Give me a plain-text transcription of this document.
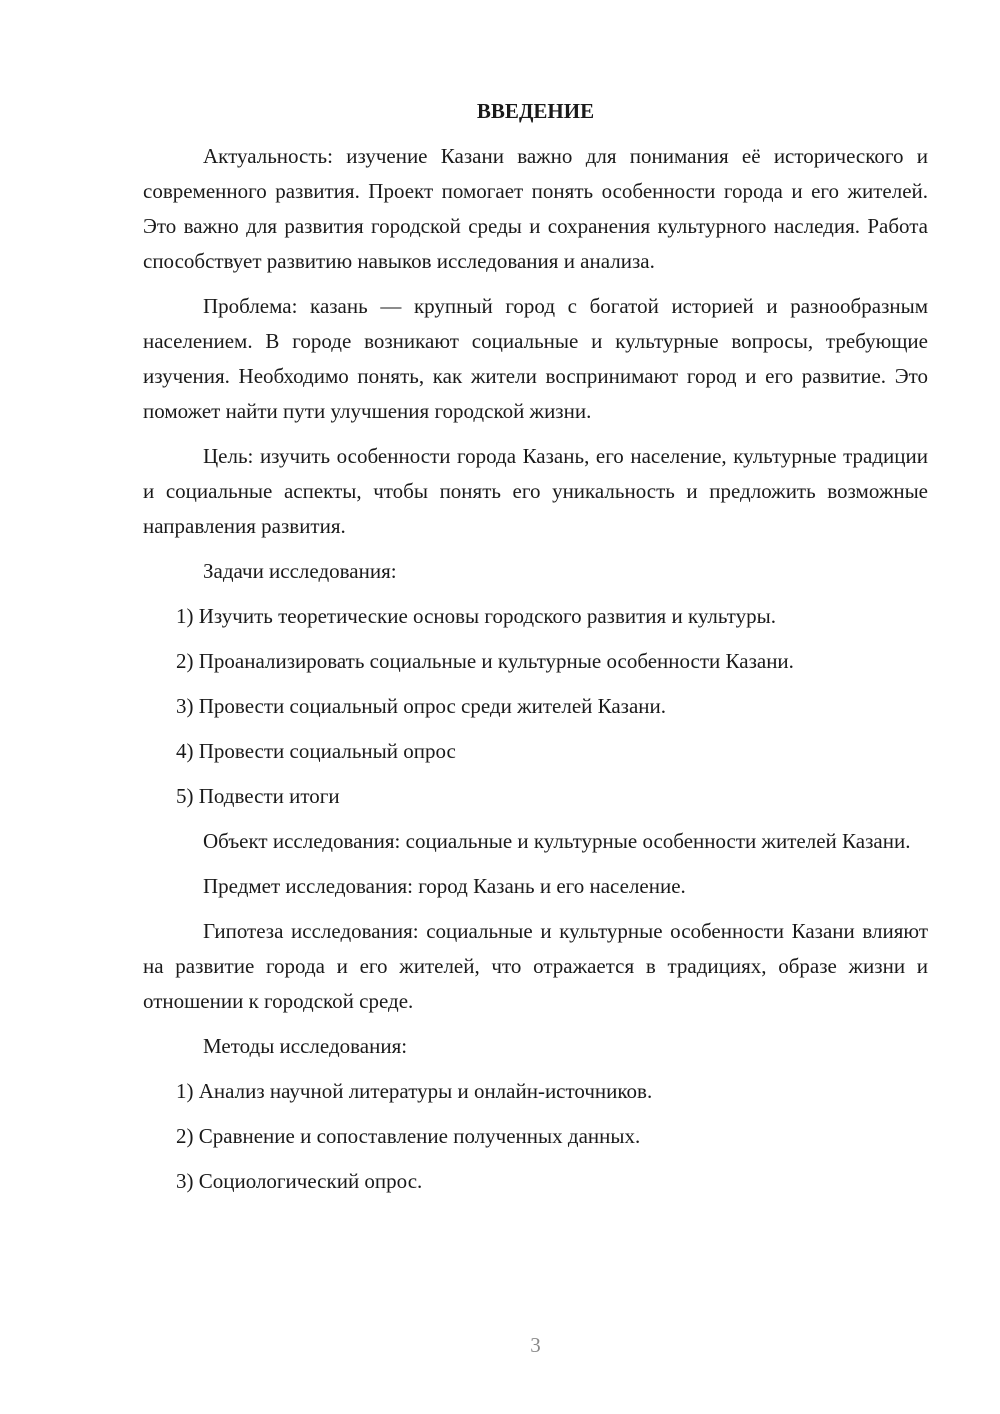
ВВЕДЕНИЕ

Актуальность: изучение Казани важно для понимания её исторического и современного развития. Проект помогает понять особенности города и его жителей. Это важно для развития городской среды и сохранения культурного наследия. Работа способствует развитию навыков исследования и анализа.

Проблема: казань — крупный город с богатой историей и разнообразным населением. В городе возникают социальные и культурные вопросы, требующие изучения. Необходимо понять, как жители воспринимают город и его развитие. Это поможет найти пути улучшения городской жизни.

Цель: изучить особенности города Казань, его население, культурные традиции и социальные аспекты, чтобы понять его уникальность и предложить возможные направления развития.

Задачи исследования:

1) Изучить теоретические основы городского развития и культуры.
2) Проанализировать социальные и культурные особенности Казани.
3) Провести социальный опрос среди жителей Казани.
4) Провести социальный опрос
5) Подвести итоги

Объект исследования: социальные и культурные особенности жителей Казани.

Предмет исследования: город Казань и его население.

Гипотеза исследования: социальные и культурные особенности Казани влияют на развитие города и его жителей, что отражается в традициях, образе жизни и отношении к городской среде.

Методы исследования:

1) Анализ научной литературы и онлайн-источников.
2) Сравнение и сопоставление полученных данных.
3) Социологический опрос.
3
